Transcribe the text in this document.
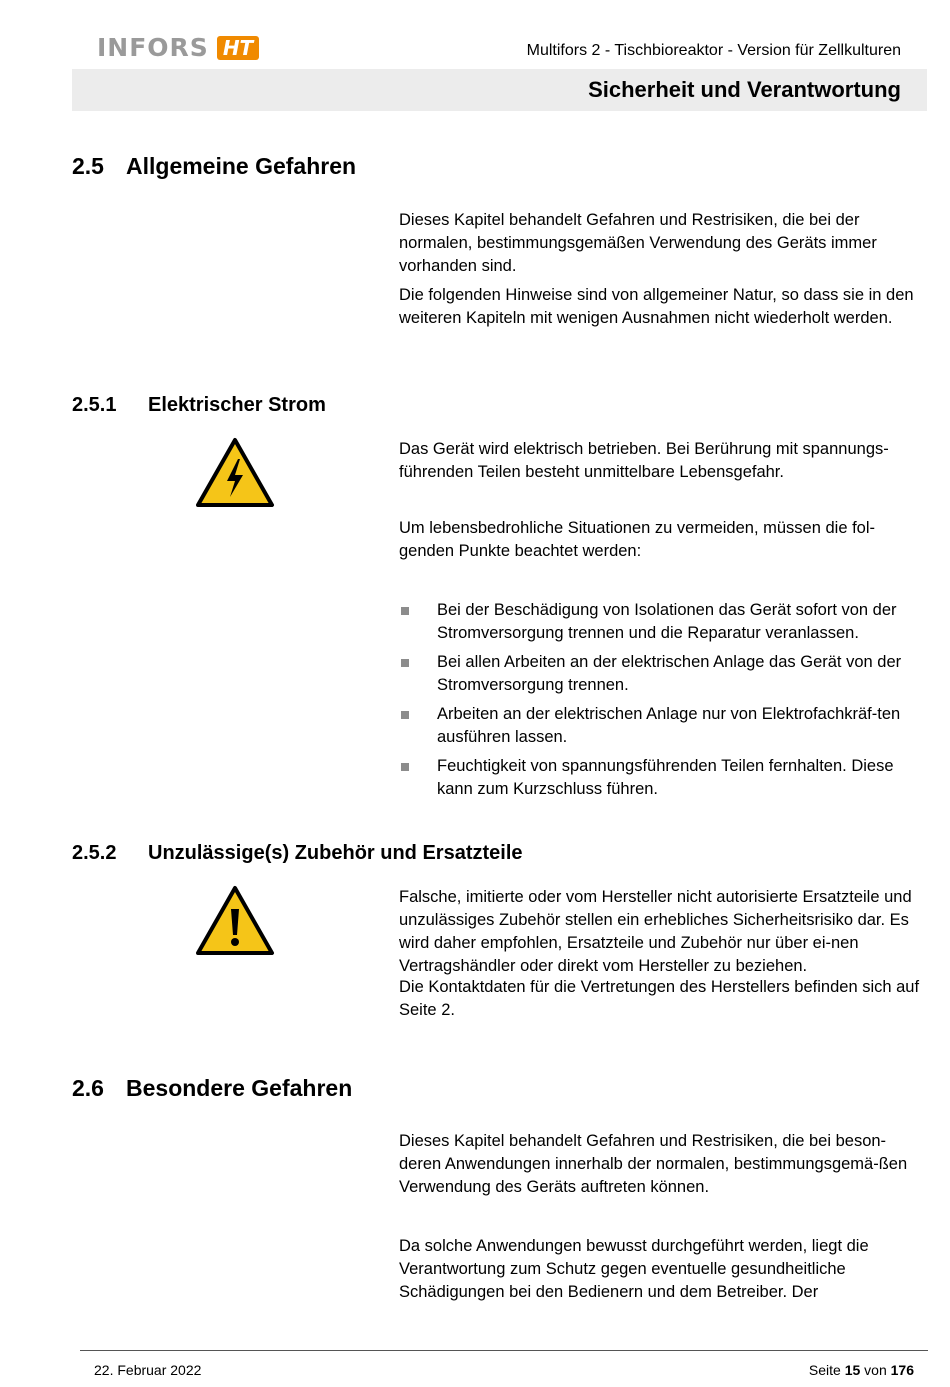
INFORS HT	Multifors 2 - Tischbioreaktor - Version für Zellkulturen
Sicherheit und Verantwortung
2.5 Allgemeine Gefahren

Dieses Kapitel behandelt Gefahren und Restrisiken, die bei der normalen, bestimmungsgemäßen Verwendung des Geräts immer vorhanden sind.

Die folgenden Hinweise sind von allgemeiner Natur, so dass sie in den weiteren Kapiteln mit wenigen Ausnahmen nicht wiederholt werden.

2.5.1	Elektrischer Strom

Das Gerät wird elektrisch betrieben. Bei Berührung mit spannungs-führenden Teilen besteht unmittelbare Lebensgefahr.

Um lebensbedrohliche Situationen zu vermeiden, müssen die fol-genden Punkte beachtet werden:

Bei der Beschädigung von Isolationen das Gerät sofort von der Stromversorgung trennen und die Reparatur veranlassen.
Bei allen Arbeiten an der elektrischen Anlage das Gerät von der Stromversorgung trennen.
Arbeiten an der elektrischen Anlage nur von Elektrofachkräf-ten ausführen lassen.
Feuchtigkeit von spannungsführenden Teilen fernhalten. Diese kann zum Kurzschluss führen.
2.5.2	Unzulässige(s) Zubehör und Ersatzteile

Falsche, imitierte oder vom Hersteller nicht autorisierte Ersatzteile und unzulässiges Zubehör stellen ein erhebliches Sicherheitsrisiko dar. Es wird daher empfohlen, Ersatzteile und Zubehör nur über ei-nen Vertragshändler oder direkt vom Hersteller zu beziehen.

Die Kontaktdaten für die Vertretungen des Herstellers befinden sich auf Seite 2.

2.6 Besondere Gefahren

Dieses Kapitel behandelt Gefahren und Restrisiken, die bei beson-deren Anwendungen innerhalb der normalen, bestimmungsgemä-ßen Verwendung des Geräts auftreten können.

Da solche Anwendungen bewusst durchgeführt werden, liegt die Verantwortung zum Schutz gegen eventuelle gesundheitliche Schädigungen bei den Bedienern und dem Betreiber. Der

22. Februar 2022	Seite 15 von 176
